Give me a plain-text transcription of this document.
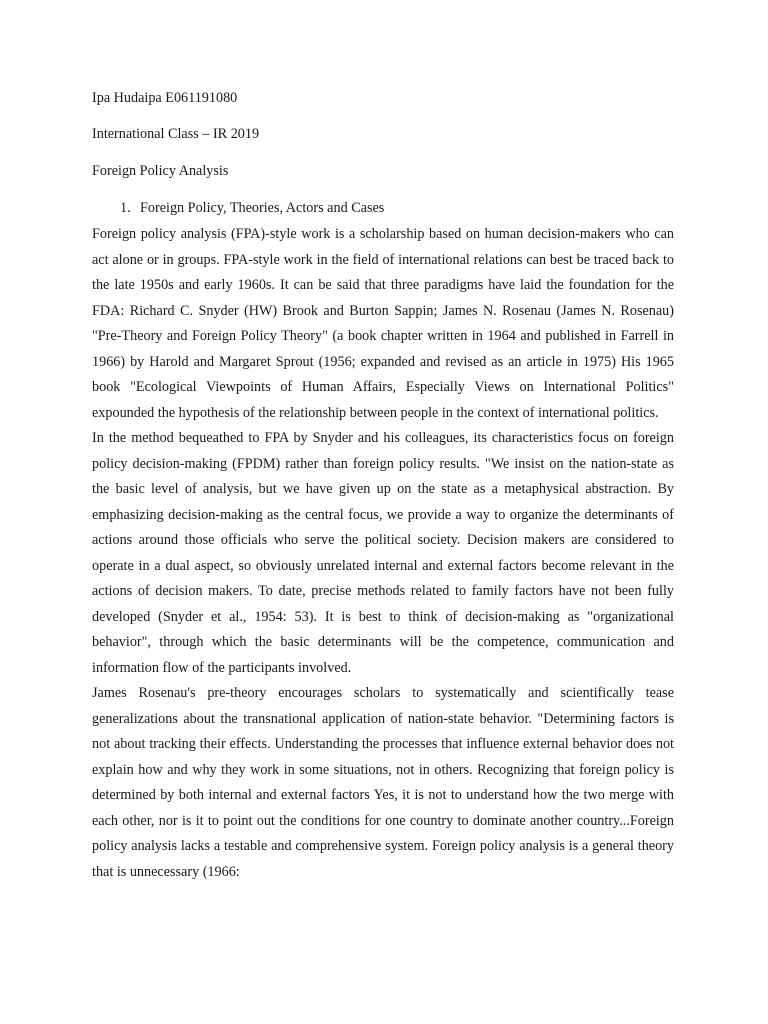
Ipa Hudaipa E061191080

International Class – IR 2019

Foreign Policy Analysis

1. Foreign Policy, Theories, Actors and Cases

Foreign policy analysis (FPA)-style work is a scholarship based on human decision-makers who can act alone or in groups. FPA-style work in the field of international relations can best be traced back to the late 1950s and early 1960s. It can be said that three paradigms have laid the foundation for the FDA: Richard C. Snyder (HW) Brook and Burton Sappin; James N. Rosenau (James N. Rosenau) "Pre-Theory and Foreign Policy Theory" (a book chapter written in 1964 and published in Farrell in 1966) by Harold and Margaret Sprout (1956; expanded and revised as an article in 1975) His 1965 book "Ecological Viewpoints of Human Affairs, Especially Views on International Politics" expounded the hypothesis of the relationship between people in the context of international politics.

In the method bequeathed to FPA by Snyder and his colleagues, its characteristics focus on foreign policy decision-making (FPDM) rather than foreign policy results. "We insist on the nation-state as the basic level of analysis, but we have given up on the state as a metaphysical abstraction. By emphasizing decision-making as the central focus, we provide a way to organize the determinants of actions around those officials who serve the political society. Decision makers are considered to operate in a dual aspect, so obviously unrelated internal and external factors become relevant in the actions of decision makers. To date, precise methods related to family factors have not been fully developed (Snyder et al., 1954: 53). It is best to think of decision-making as "organizational behavior", through which the basic determinants will be the competence, communication and information flow of the participants involved.

James Rosenau's pre-theory encourages scholars to systematically and scientifically tease generalizations about the transnational application of nation-state behavior. "Determining factors is not about tracking their effects. Understanding the processes that influence external behavior does not explain how and why they work in some situations, not in others. Recognizing that foreign policy is determined by both internal and external factors Yes, it is not to understand how the two merge with each other, nor is it to point out the conditions for one country to dominate another country...Foreign policy analysis lacks a testable and comprehensive system. Foreign policy analysis is a general theory that is unnecessary (1966:
